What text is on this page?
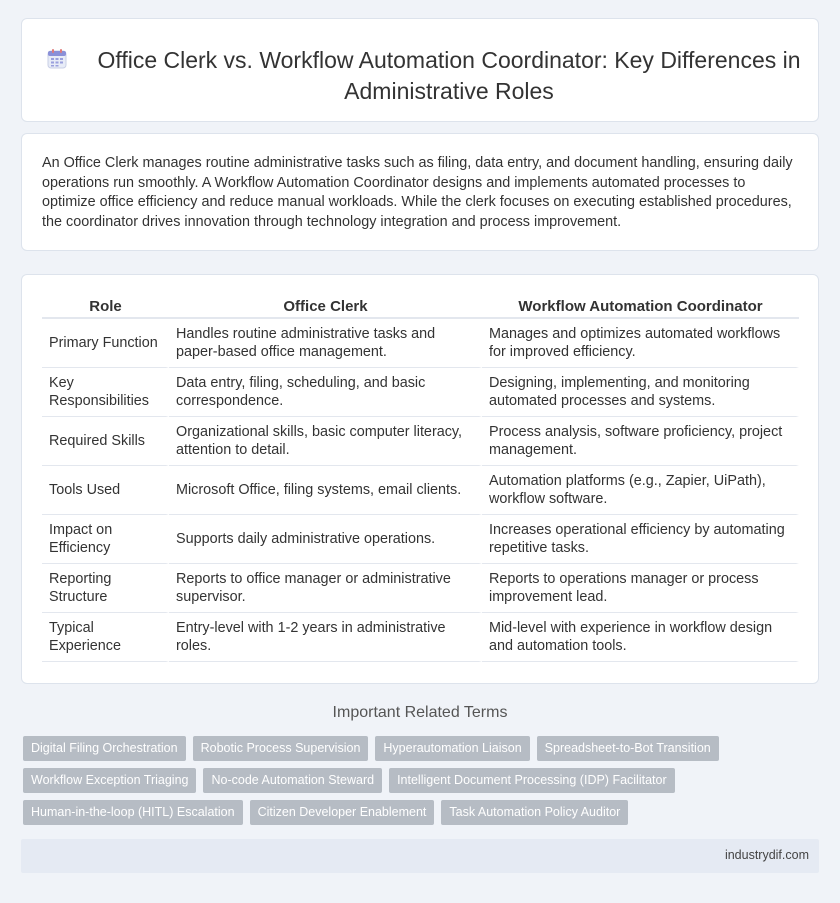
Office Clerk vs. Workflow Automation Coordinator: Key Differences in Administrative Roles

An Office Clerk manages routine administrative tasks such as filing, data entry, and document handling, ensuring daily operations run smoothly. A Workflow Automation Coordinator designs and implements automated processes to optimize office efficiency and reduce manual workloads. While the clerk focuses on executing established procedures, the coordinator drives innovation through technology integration and process improvement.

Role	Office Clerk	Workflow Automation Coordinator
Primary Function	Handles routine administrative tasks and paper-based office management.	Manages and optimizes automated workflows for improved efficiency.
Key Responsibilities	Data entry, filing, scheduling, and basic correspondence.	Designing, implementing, and monitoring automated processes and systems.
Required Skills	Organizational skills, basic computer literacy, attention to detail.	Process analysis, software proficiency, project management.
Tools Used	Microsoft Office, filing systems, email clients.	Automation platforms (e.g., Zapier, UiPath), workflow software.
Impact on Efficiency	Supports daily administrative operations.	Increases operational efficiency by automating repetitive tasks.
Reporting Structure	Reports to office manager or administrative supervisor.	Reports to operations manager or process improvement lead.
Typical Experience	Entry-level with 1-2 years in administrative roles.	Mid-level with experience in workflow design and automation tools.
Important Related Terms
Digital Filing Orchestration	Robotic Process Supervision	Hyperautomation Liaison	Spreadsheet-to-Bot Transition
Workflow Exception Triaging	No-code Automation Steward	Intelligent Document Processing (IDP) Facilitator
Human-in-the-loop (HITL) Escalation	Citizen Developer Enablement	Task Automation Policy Auditor
industrydif.com
